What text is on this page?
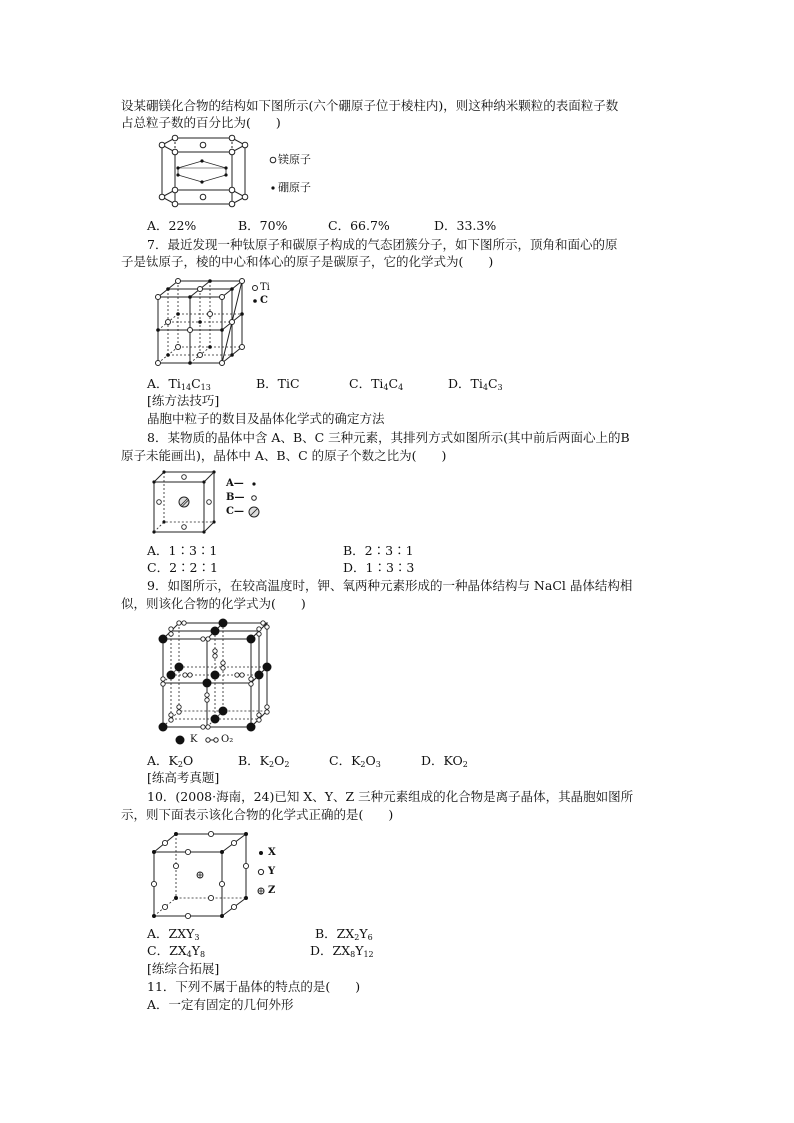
设某硼镁化合物的结构如下图所示(六个硼原子位于棱柱内)，则这种纳米颗粒的表面粒子数
占总粒子数的百分比为(　　)
镁原子
硼原子
A．22%	B．70%	C．66.7%	D．33.3%
7．最近发现一种钛原子和碳原子构成的气态团簇分子，如下图所示，顶角和面心的原
子是钛原子，棱的中心和体心的原子是碳原子，它的化学式为(　　)
Ti
C
A．$Ti_{14}C_{13}$	B．TiC	C．$Ti_4C_4$	D．$Ti_4C_3$
[练方法技巧]
晶胞中粒子的数目及晶体化学式的确定方法
8．某物质的晶体中含 A、B、C 三种元素，其排列方式如图所示(其中前后两面心上的B
原子未能画出)，晶体中 A、B、C 的原子个数之比为(　　)
A—
B—
C—
A．1∶3∶1	B．2∶3∶1
C．2∶2∶1	D．1∶3∶3
9．如图所示，在较高温度时，钾、氧两种元素形成的一种晶体结构与 NaCl 晶体结构相
似，则该化合物的化学式为(　　)
K O₂
A．$K_2O$	B．$K_2O_2$	C．$K_2O_3$	D．$KO_2$
[练高考真题]
10．(2008·海南，24)已知 X、Y、Z 三种元素组成的化合物是离子晶体，其晶胞如图所
示，则下面表示该化合物的化学式正确的是(　　)
X
Y
Z
A．$ZXY_3$	B．$ZX_2Y_6$
C．$ZX_4Y_8$	D．$ZX_8Y_{12}$
[练综合拓展]
11．下列不属于晶体的特点的是(　　)
A．一定有固定的几何外形
